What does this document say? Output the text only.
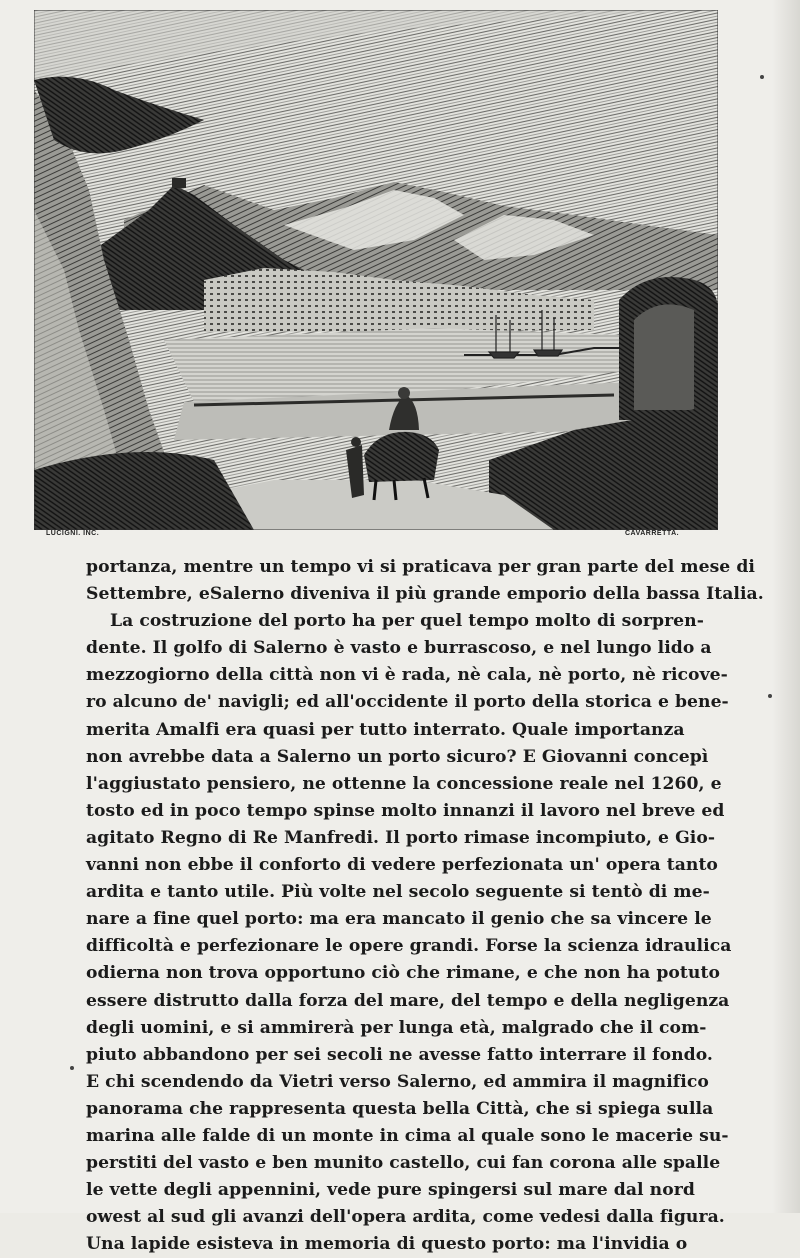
LUCIGNI. INC.	CAVARRETTA.
portanza, mentre un tempo vi si praticava per gran parte del mese di
Settembre, eSalerno diveniva il più grande emporio della bassa Italia.
La costruzione del porto ha per quel tempo molto di sorpren-
dente. Il golfo di Salerno è vasto e burrascoso, e nel lungo lido a
mezzogiorno della città non vi è rada, nè cala, nè porto, nè ricove-
ro alcuno de' navigli; ed all'occidente il porto della storica e bene-
merita Amalfi era quasi per tutto interrato. Quale importanza
non avrebbe data a Salerno un porto sicuro? E Giovanni concepì
l'aggiustato pensiero, ne ottenne la concessione reale nel 1260, e
tosto ed in poco tempo spinse molto innanzi il lavoro nel breve ed
agitato Regno di Re Manfredi. Il porto rimase incompiuto, e Gio-
vanni non ebbe il conforto di vedere perfezionata un' opera tanto
ardita e tanto utile. Più volte nel secolo seguente si tentò di me-
nare a fine quel porto: ma era mancato il genio che sa vincere le
difficoltà e perfezionare le opere grandi. Forse la scienza idraulica
odierna non trova opportuno ciò che rimane, e che non ha potuto
essere distrutto dalla forza del mare, del tempo e della negligenza
degli uomini, e si ammirerà per lunga età, malgrado che il com-
piuto abbandono per sei secoli ne avesse fatto interrare il fondo.
E chi scendendo da Vietri verso Salerno, ed ammira il magnifico
panorama che rappresenta questa bella Città, che si spiega sulla
marina alle falde di un monte in cima al quale sono le macerie su-
perstiti del vasto e ben munito castello, cui fan corona alle spalle
le vette degli appennini, vede pure spingersi sul mare dal nord
owest al sud gli avanzi dell'opera ardita, come vedesi dalla figura.
Una lapide esisteva in memoria di questo porto: ma l'invidia o
